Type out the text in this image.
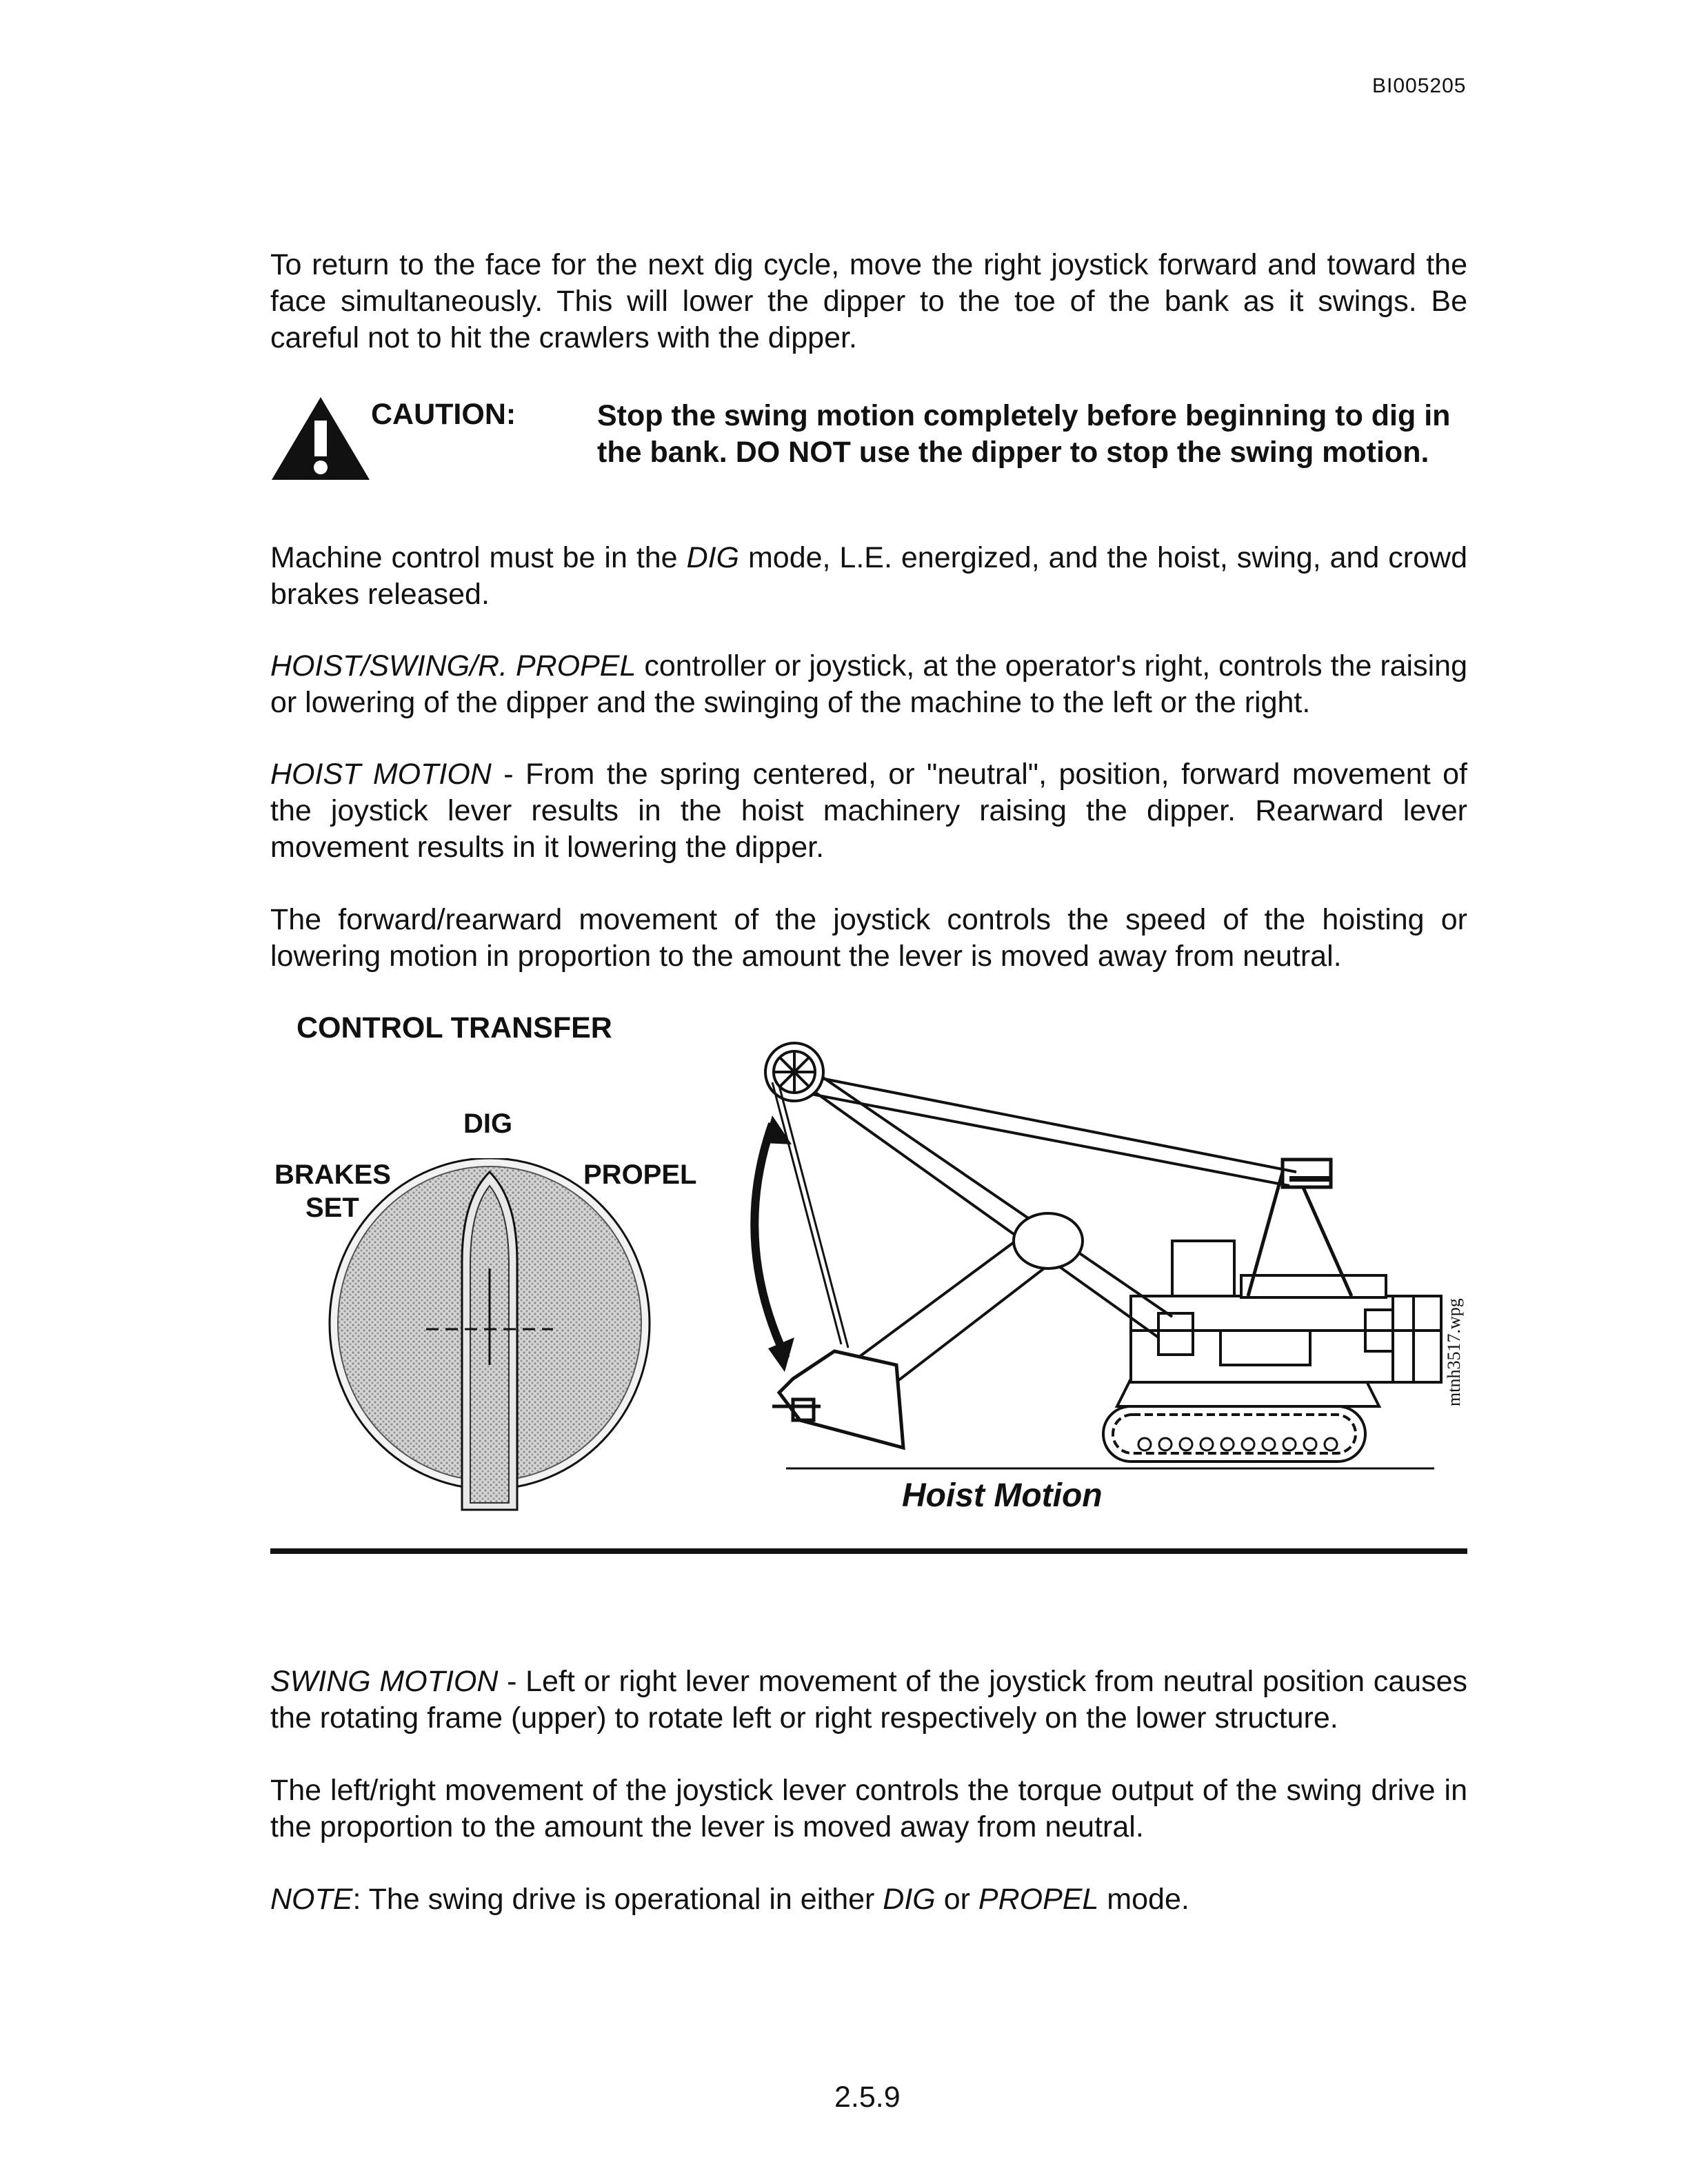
BI005205

To return to the face for the next dig cycle, move the right joystick forward and toward the face simultaneously. This will lower the dipper to the toe of the bank as it swings. Be careful not to hit the crawlers with the dipper.

CAUTION:	Stop the swing motion completely before beginning to dig in the bank. DO NOT use the dipper to stop the swing motion.

Machine control must be in the DIG mode, L.E. energized, and the hoist, swing, and crowd brakes released.

HOIST/SWING/R. PROPEL controller or joystick, at the operator's right, controls the raising or lowering of the dipper and the swinging of the machine to the left or the right.

HOIST MOTION - From the spring centered, or "neutral", position, forward movement of the joystick lever results in the hoist machinery raising the dipper. Rearward lever movement results in it lowering the dipper.

The forward/rearward movement of the joystick controls the speed of the hoisting or lowering motion in proportion to the amount the lever is moved away from neutral.

CONTROL TRANSFER
DIG
BRAKES
SET
PROPEL
Hoist Motion
mtnh3517.wpg

SWING MOTION - Left or right lever movement of the joystick from neutral position causes the rotating frame (upper) to rotate left or right respectively on the lower structure.

The left/right movement of the joystick lever controls the torque output of the swing drive in the proportion to the amount the lever is moved away from neutral.

NOTE: The swing drive is operational in either DIG or PROPEL mode.

2.5.9
